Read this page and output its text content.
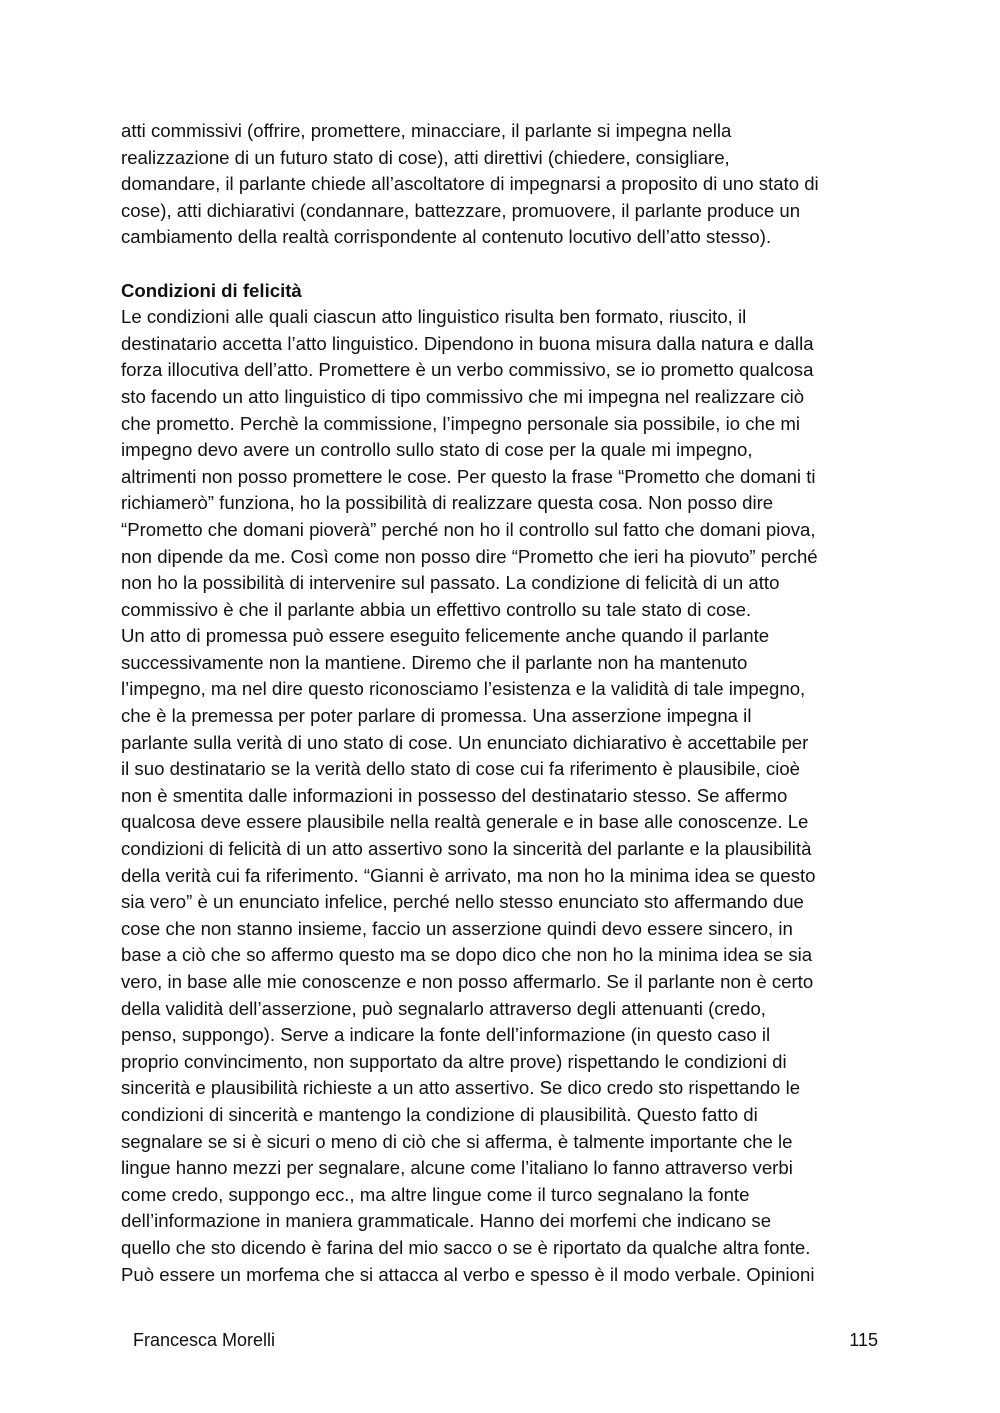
atti commissivi (offrire, promettere, minacciare, il parlante si impegna nella
realizzazione di un futuro stato di cose), atti direttivi (chiedere, consigliare,
domandare, il parlante chiede all’ascoltatore di impegnarsi a proposito di uno stato di
cose), atti dichiarativi (condannare, battezzare, promuovere, il parlante produce un
cambiamento della realtà corrispondente al contenuto locutivo dell’atto stesso).
Condizioni di felicità
Le condizioni alle quali ciascun atto linguistico risulta ben formato, riuscito, il
destinatario accetta l’atto linguistico. Dipendono in buona misura dalla natura e dalla
forza illocutiva dell’atto. Promettere è un verbo commissivo, se io prometto qualcosa
sto facendo un atto linguistico di tipo commissivo che mi impegna nel realizzare ciò
che prometto. Perchè la commissione, l’impegno personale sia possibile, io che mi
impegno devo avere un controllo sullo stato di cose per la quale mi impegno,
altrimenti non posso promettere le cose. Per questo la frase “Prometto che domani ti
richiamerò” funziona, ho la possibilità di realizzare questa cosa. Non posso dire
“Prometto che domani pioverà” perché non ho il controllo sul fatto che domani piova,
non dipende da me. Così come non posso dire “Prometto che ieri ha piovuto” perché
non ho la possibilità di intervenire sul passato. La condizione di felicità di un atto
commissivo è che il parlante abbia un effettivo controllo su tale stato di cose.
Un atto di promessa può essere eseguito felicemente anche quando il parlante
successivamente non la mantiene. Diremo che il parlante non ha mantenuto
l’impegno, ma nel dire questo riconosciamo l’esistenza e la validità di tale impegno,
che è la premessa per poter parlare di promessa. Una asserzione impegna il
parlante sulla verità di uno stato di cose. Un enunciato dichiarativo è accettabile per
il suo destinatario se la verità dello stato di cose cui fa riferimento è plausibile, cioè
non è smentita dalle informazioni in possesso del destinatario stesso. Se affermo
qualcosa deve essere plausibile nella realtà generale e in base alle conoscenze. Le
condizioni di felicità di un atto assertivo sono la sincerità del parlante e la plausibilità
della verità cui fa riferimento. “Gianni è arrivato, ma non ho la minima idea se questo
sia vero” è un enunciato infelice, perché nello stesso enunciato sto affermando due
cose che non stanno insieme, faccio un asserzione quindi devo essere sincero, in
base a ciò che so affermo questo ma se dopo dico che non ho la minima idea se sia
vero, in base alle mie conoscenze e non posso affermarlo. Se il parlante non è certo
della validità dell’asserzione, può segnalarlo attraverso degli attenuanti (credo,
penso, suppongo). Serve a indicare la fonte dell’informazione (in questo caso il
proprio convincimento, non supportato da altre prove) rispettando le condizioni di
sincerità e plausibilità richieste a un atto assertivo. Se dico credo sto rispettando le
condizioni di sincerità e mantengo la condizione di plausibilità. Questo fatto di
segnalare se si è sicuri o meno di ciò che si afferma, è talmente importante che le
lingue hanno mezzi per segnalare, alcune come l’italiano lo fanno attraverso verbi
come credo, suppongo ecc., ma altre lingue come il turco segnalano la fonte
dell’informazione in maniera grammaticale. Hanno dei morfemi che indicano se
quello che sto dicendo è farina del mio sacco o se è riportato da qualche altra fonte.
Può essere un morfema che si attacca al verbo e spesso è il modo verbale. Opinioni
Francesca Morelli	115
